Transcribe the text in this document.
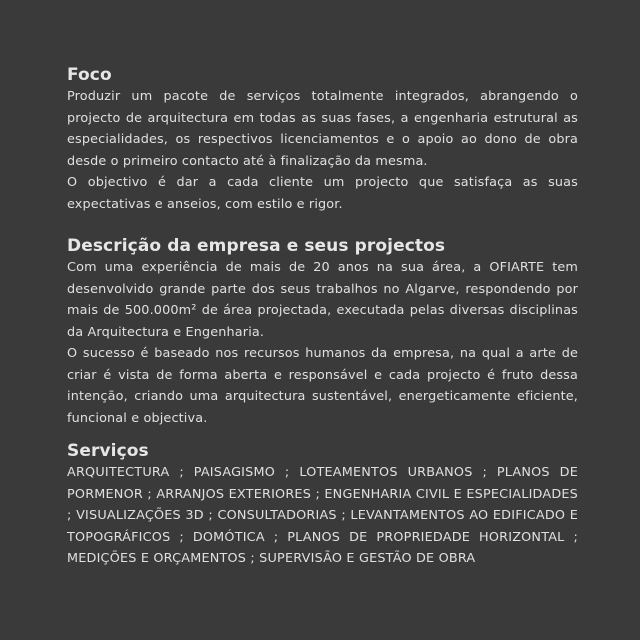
Foco

Produzir um pacote de serviços totalmente integrados, abrangendo o projecto de arquitectura em todas as suas fases, a engenharia estrutural as especialidades, os respectivos licenciamentos e o apoio ao dono de obra desde o primeiro contacto até à finalização da mesma.

O objectivo é dar a cada cliente um projecto que satisfaça as suas expectativas e anseios, com estilo e rigor.

Descrição da empresa e seus projectos

Com uma experiência de mais de 20 anos na sua área, a OFIARTE tem desenvolvido grande parte dos seus trabalhos no Algarve, respondendo por mais de 500.000m² de área projectada, executada pelas diversas disciplinas da Arquitectura e Engenharia.

O sucesso é baseado nos recursos humanos da empresa, na qual a arte de criar é vista de forma aberta e responsável e cada projecto é fruto dessa intenção, criando uma arquitectura sustentável, energeticamente eficiente, funcional e objectiva.

Serviços

ARQUITECTURA ; PAISAGISMO ; LOTEAMENTOS URBANOS ; PLANOS DE PORMENOR ; ARRANJOS EXTERIORES ; ENGENHARIA CIVIL E ESPECIALIDADES ; VISUALIZAÇÕES 3D ; CONSULTADORIAS ; LEVANTAMENTOS AO EDIFICADO E TOPOGRÁFICOS ; DOMÓTICA ; PLANOS DE PROPRIEDADE HORIZONTAL ; MEDIÇÕES E ORÇAMENTOS ; SUPERVISÃO E GESTÃO DE OBRA
